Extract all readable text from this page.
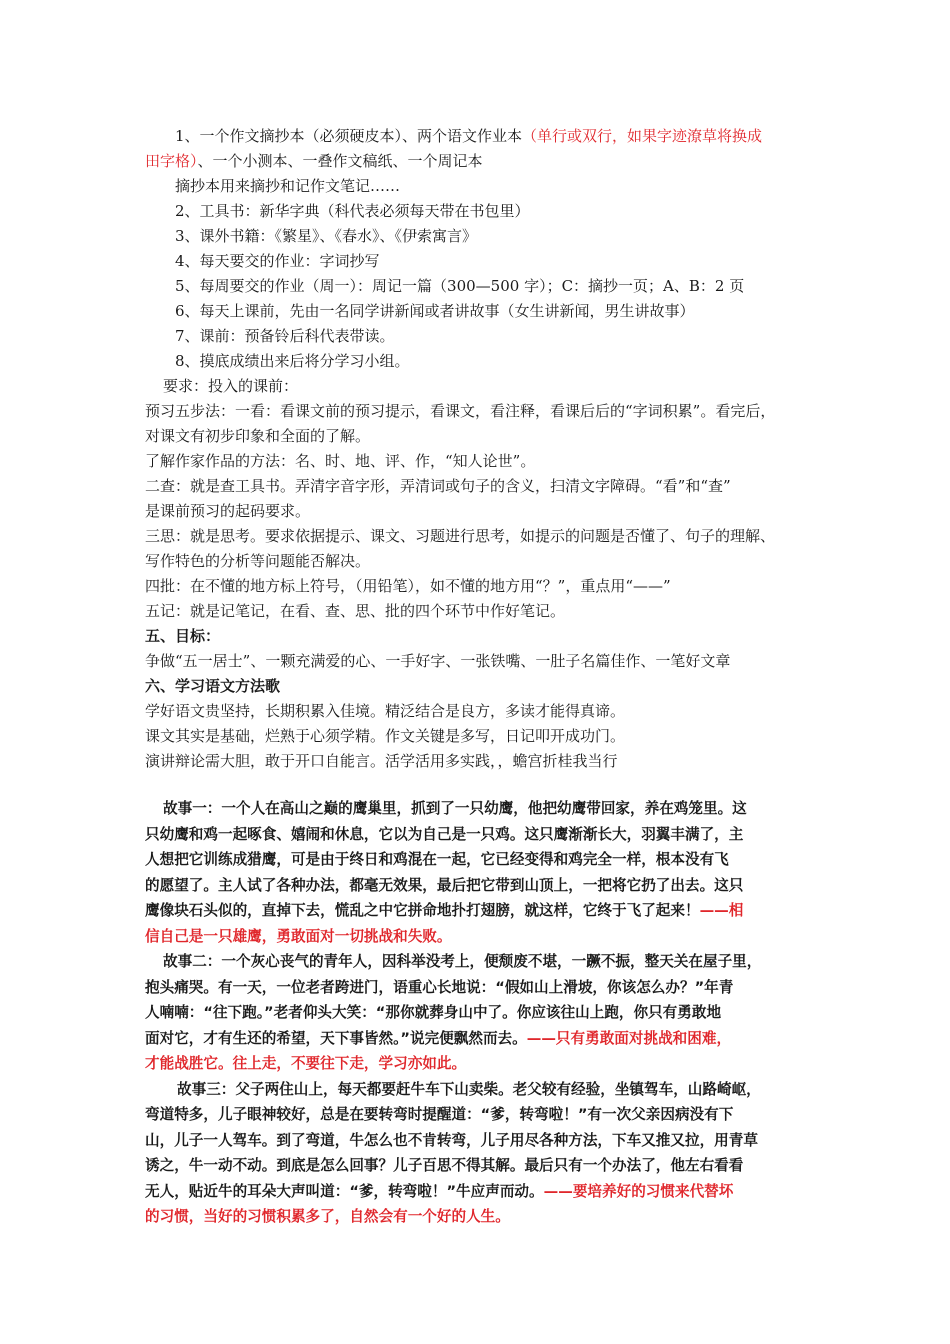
1、一个作文摘抄本（必须硬皮本）、两个语文作业本（单行或双行，如果字迹潦草将换成
田字格）、一个小测本、一叠作文稿纸、一个周记本
摘抄本用来摘抄和记作文笔记……
2、工具书：新华字典（科代表必须每天带在书包里）
3、课外书籍：《繁星》、《春水》、《伊索寓言》
4、每天要交的作业：字词抄写
5、每周要交的作业（周一）：周记一篇（300—500 字）；C：摘抄一页；A、B：2 页
6、每天上课前，先由一名同学讲新闻或者讲故事（女生讲新闻，男生讲故事）
7、课前：预备铃后科代表带读。
8、摸底成绩出来后将分学习小组。
要求：投入的课前：
预习五步法：一看：看课文前的预习提示，看课文，看注释，看课后后的“字词积累”。看完后，
对课文有初步印象和全面的了解。
了解作家作品的方法：名、时、地、评、作，“知人论世”。
二查：就是查工具书。弄清字音字形，弄清词或句子的含义，扫清文字障碍。“看”和“查”
是课前预习的起码要求。
三思：就是思考。要求依据提示、课文、习题进行思考，如提示的问题是否懂了、句子的理解、
写作特色的分析等问题能否解决。
四批：在不懂的地方标上符号，（用铅笔），如不懂的地方用“？”，重点用“——”
五记：就是记笔记，在看、查、思、批的四个环节中作好笔记。
五、目标：
争做“五一居士”、一颗充满爱的心、一手好字、一张铁嘴、一肚子名篇佳作、一笔好文章
六、学习语文方法歌
学好语文贵坚持，长期积累入佳境。精泛结合是良方，多读才能得真谛。
课文其实是基础，烂熟于心须学精。作文关键是多写，日记叩开成功门。
演讲辩论需大胆，敢于开口自能言。活学活用多实践，，蟾宫折桂我当行
故事一：一个人在高山之巅的鹰巢里，抓到了一只幼鹰，他把幼鹰带回家，养在鸡笼里。这
只幼鹰和鸡一起啄食、嬉闹和休息，它以为自己是一只鸡。这只鹰渐渐长大，羽翼丰满了，主
人想把它训练成猎鹰，可是由于终日和鸡混在一起，它已经变得和鸡完全一样，根本没有飞
的愿望了。主人试了各种办法，都毫无效果，最后把它带到山顶上，一把将它扔了出去。这只
鹰像块石头似的，直掉下去，慌乱之中它拼命地扑打翅膀，就这样，它终于飞了起来！——相
信自己是一只雄鹰，勇敢面对一切挑战和失败。
故事二：一个灰心丧气的青年人，因科举没考上，便颓废不堪，一蹶不振，整天关在屋子里，
抱头痛哭。有一天，一位老者跨进门，语重心长地说：“假如山上滑坡，你该怎么办？”年青
人喃喃：“往下跑。”老者仰头大笑：“那你就葬身山中了。你应该往山上跑，你只有勇敢地
面对它，才有生还的希望，天下事皆然。”说完便飘然而去。——只有勇敢面对挑战和困难，
才能战胜它。往上走，不要往下走，学习亦如此。
故事三：父子两住山上，每天都要赶牛车下山卖柴。老父较有经验，坐镇驾车，山路崎岖，
弯道特多，儿子眼神较好，总是在要转弯时提醒道：“爹，转弯啦！”有一次父亲因病没有下
山，儿子一人驾车。到了弯道，牛怎么也不肯转弯，儿子用尽各种方法，下车又推又拉，用青草
诱之，牛一动不动。到底是怎么回事？儿子百思不得其解。最后只有一个办法了，他左右看看
无人，贴近牛的耳朵大声叫道：“爹，转弯啦！”牛应声而动。——要培养好的习惯来代替坏
的习惯，当好的习惯积累多了，自然会有一个好的人生。
